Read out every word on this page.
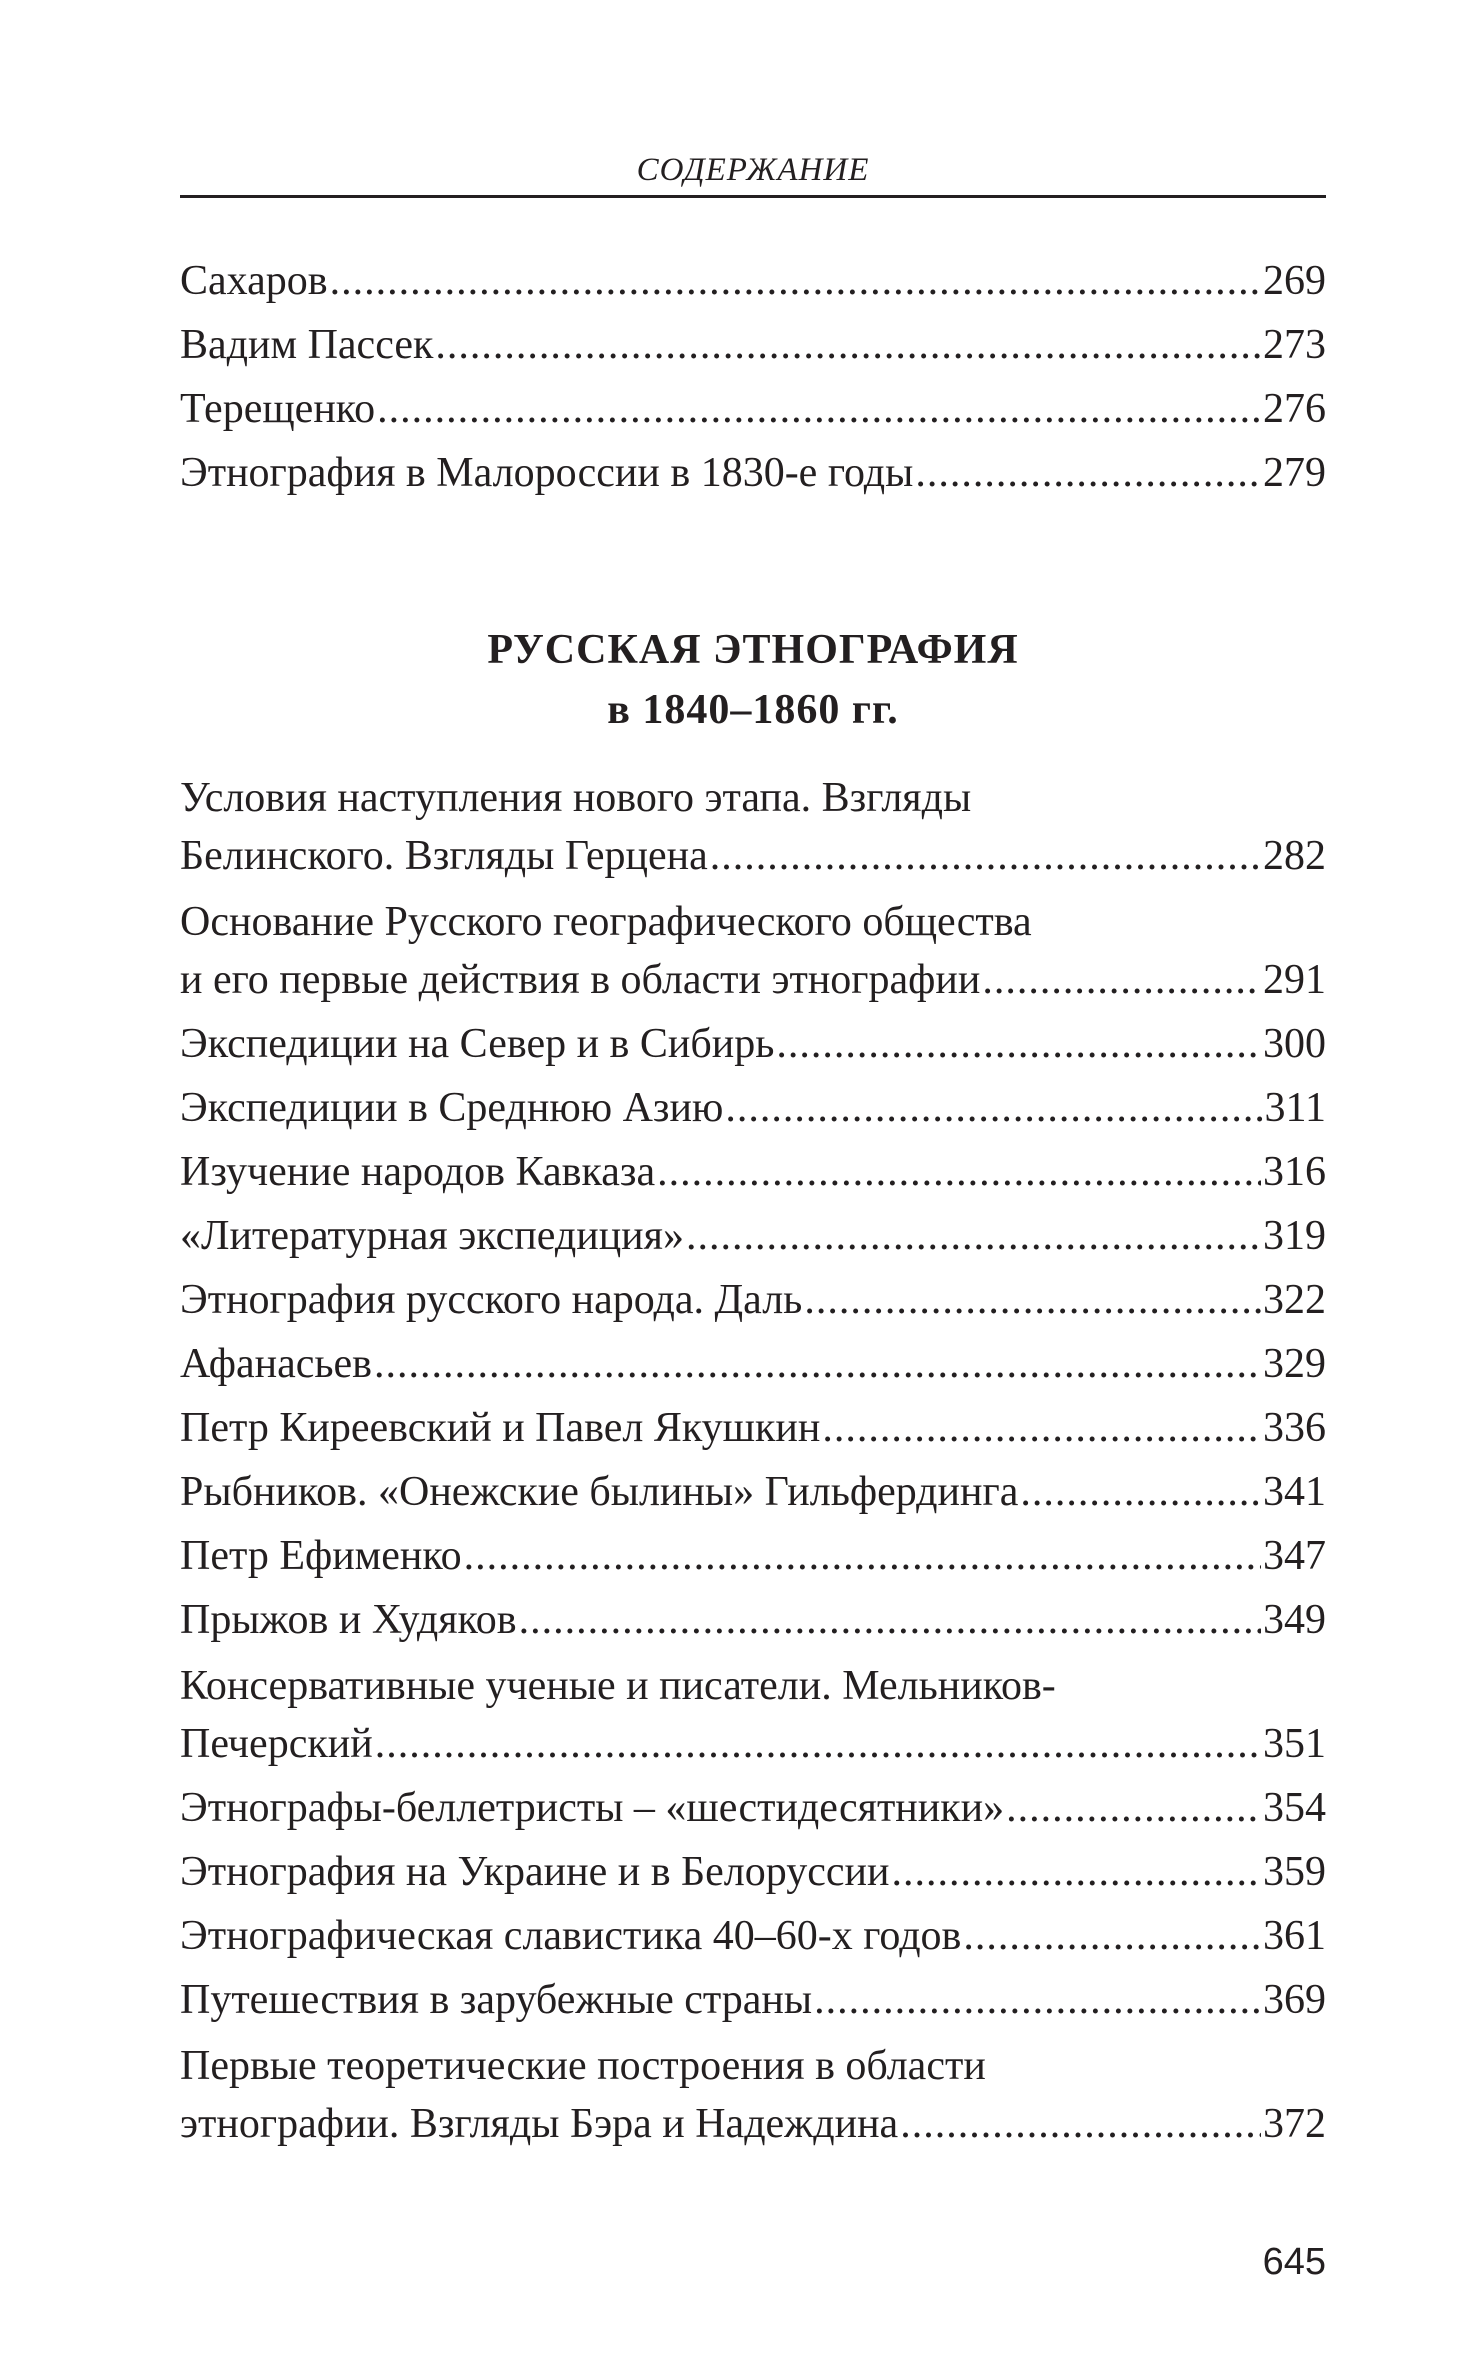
СОДЕРЖАНИЕ
Сахаров .....	269
Вадим Пассек .....	273
Терещенко .....	276
Этнография в Малороссии в 1830-е годы .....	279
РУССКАЯ ЭТНОГРАФИЯ
в 1840–1860 гг.
Условия наступления нового этапа. Взгляды
Белинского. Взгляды Герцена .....	282
Основание Русского географического общества
и его первые действия в области этнографии .....	291
Экспедиции на Север и в Сибирь .....	300
Экспедиции в Среднюю Азию .....	311
Изучение народов Кавказа .....	316
«Литературная экспедиция» .....	319
Этнография русского народа. Даль .....	322
Афанасьев .....	329
Петр Киреевский и Павел Якушкин .....	336
Рыбников. «Онежские былины» Гильфердинга .....	341
Петр Ефименко .....	347
Прыжов и Худяков .....	349
Консервативные ученые и писатели. Мельников-
Печерский .....	351
Этнографы-беллетристы – «шестидесятники» .....	354
Этнография на Украине и в Белоруссии .....	359
Этнографическая славистика 40–60-х годов .....	361
Путешествия в зарубежные страны .....	369
Первые теоретические построения в области
этнографии. Взгляды Бэра и Надеждина .....	372
645
